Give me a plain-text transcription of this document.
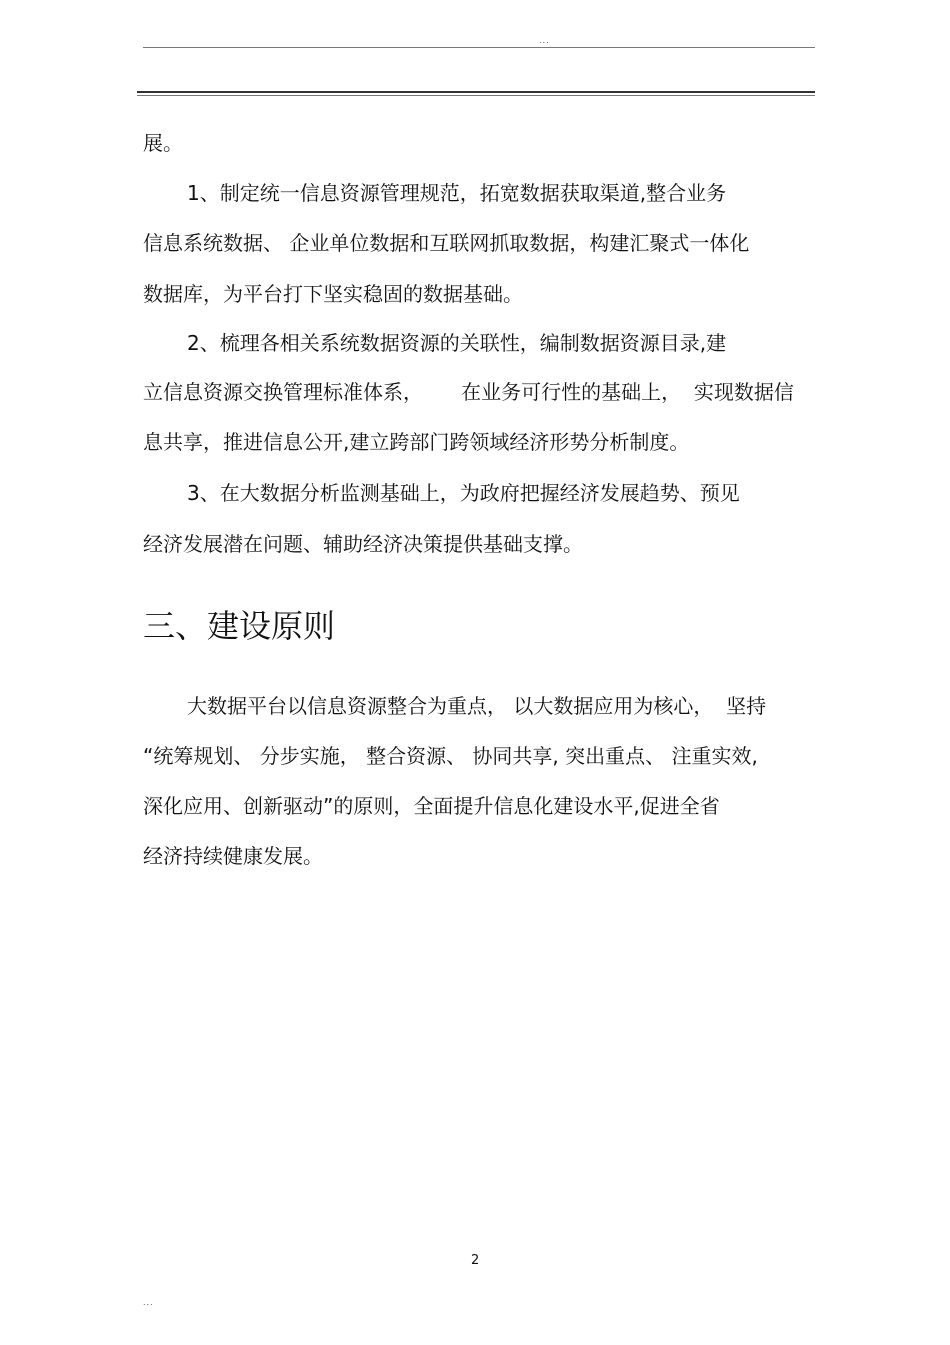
...
展。
1、制定统一信息资源管理规范，拓宽数据获取渠道,整合业务
信息系统数据、 企业单位数据和互联网抓取数据，构建汇聚式一体化
数据库，为平台打下坚实稳固的数据基础。
2、梳理各相关系统数据资源的关联性，编制数据资源目录,建
立信息资源交换管理标准体系，      在业务可行性的基础上，  实现数据信
息共享，推进信息公开,建立跨部门跨领域经济形势分析制度。
3、在大数据分析监测基础上，为政府把握经济发展趋势、预见
经济发展潜在问题、辅助经济决策提供基础支撑。
三、建设原则
大数据平台以信息资源整合为重点， 以大数据应用为核心，  坚持
“统筹规划、 分步实施， 整合资源、 协同共享, 突出重点、 注重实效,
深化应用、创新驱动”的原则，全面提升信息化建设水平,促进全省
经济持续健康发展。
2
...
